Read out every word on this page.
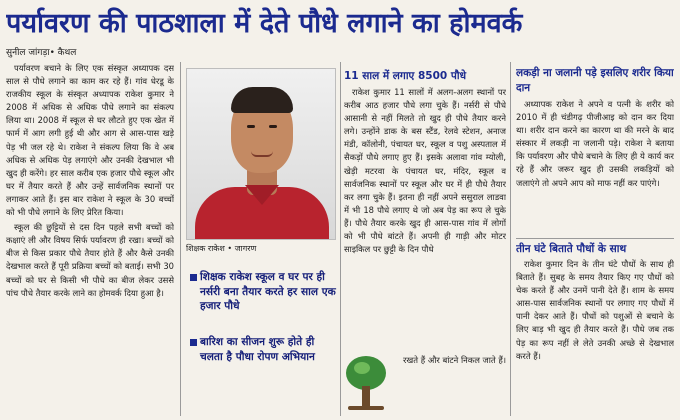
पर्यावरण की पाठशाला में देते पौधे लगाने का होमवर्क
सुनील जांगड़ा• कैथल

पर्यावरण बचाने के लिए एक संस्कृत अध्यापक दस साल से पौधे लगाने का काम कर रहे हैं। गांव धेरडू के राजकीय स्कूल के संस्कृत अध्यापक राकेश कुमार ने 2008 में अधिक से अधिक पौधे लगाने का संकल्प लिया था। 2008 में स्कूल से घर लौटते हुए एक खेत में फार्म में आग लगी हुई थी और आग से आस-पास खड़े पेड़ भी जल रहे थे। राकेश ने संकल्प लिया कि वे अब अधिक से अधिक पेड़ लगाएंगे और उनकी देखभाल भी खुद ही करेंगे। हर साल करीब एक हजार पौधे स्कूल और घर में तैयार करते हैं और उन्हें सार्वजनिक स्थानों पर लगाकर आते हैं। इस बार राकेश ने स्कूल के 30 बच्चों को भी पौधे लगाने के लिए प्रेरित किया।

स्कूल की छुट्टियों से दस दिन पहले सभी बच्चों को कक्षाएं ली और विषय सिर्फ पर्यावरण ही रखा। बच्चों को बीज से किस प्रकार पौधे तैयार होते हैं और कैसे उनकी देखभाल करते हैं पूरी प्रक्रिया बच्चों को बताई। सभी 30 बच्चों को घर से किसी भी पौधे का बीज लेकर उससे पांच पौधे तैयार करके लाने का होमवर्क दिया हुआ है।

शिक्षक राकेश • जागरण
शिक्षक राकेश स्कूल व घर पर ही नर्सरी बना तैयार करते हर साल एक हजार पौधे
बारिश का सीजन शुरू होते ही चलता है पौधा रोपण अभियान
11 साल में लगाए 8500 पौधे

राकेश कुमार 11 सालों में अलग-अलग स्थानों पर करीब आठ हजार पौधे लगा चुके हैं। नर्सरी से पौधे आसानी से नहीं मिलते तो खुद ही पौधे तैयार करने लगे। उन्होंने डाक के बस स्टैंड, रेलवे स्टेशन, अनाज मंडी, कॉलोनी, पंचायत घर, स्कूल व पशु अस्पताल में सैकड़ों पौधे लगाए हुए हैं। इसके अलावा गांव म्योली, खेड़ी मटरवा के पंचायत घर, मंदिर, स्कूल व सार्वजनिक स्थानों पर स्कूल और घर में ही पौधे तैयार कर लगा चुके हैं। इतना ही नहीं अपने ससुराल लाडवा में भी 18 पौधे लगाए थे जो अब पेड़ का रूप ले चुके हैं। पौधे तैयार करके खुद ही आस-पास गांव में लोगों को भी पौधे बांटते हैं। अपनी ही गाड़ी और मोटर साइकिल पर छुट्टी के दिन पौधे

रखते हैं और बांटने निकल जाते हैं।
लकड़ी ना जलानी पड़े इसलिए शरीर किया दान

अध्यापक राकेश ने अपने व पत्नी के शरीर को 2010 में ही चंडीगढ़ पीजीआइ को दान कर दिया था। शरीर दान करने का कारण था की मरने के बाद संस्कार में लकड़ी ना जलानी पड़े। राकेश ने बताया कि पर्यावरण और पौधे बचाने के लिए ही ये कार्य कर रहे हैं और जरूर खुद ही उसकी लकड़ियों को जलाएंगे तो अपने आप को माफ नहीं कर पाएंगे।

तीन घंटे बिताते पौधों के साथ

राकेश कुमार दिन के तीन घंटे पौधों के साथ ही बिताते हैं। सुबह के समय तैयार किए गए पौधों को चेक करते हैं और उनमें पानी देते हैं। शाम के समय आस-पास सार्वजनिक स्थानों पर लगाए गए पौधों में पानी देकर आते हैं। पौधों को पशुओं से बचाने के लिए बाड़ भी खुद ही तैयार करते हैं। पौधे जब तक पेड़ का रूप नहीं ले लेते उनकी अच्छे से देखभाल करते हैं।
